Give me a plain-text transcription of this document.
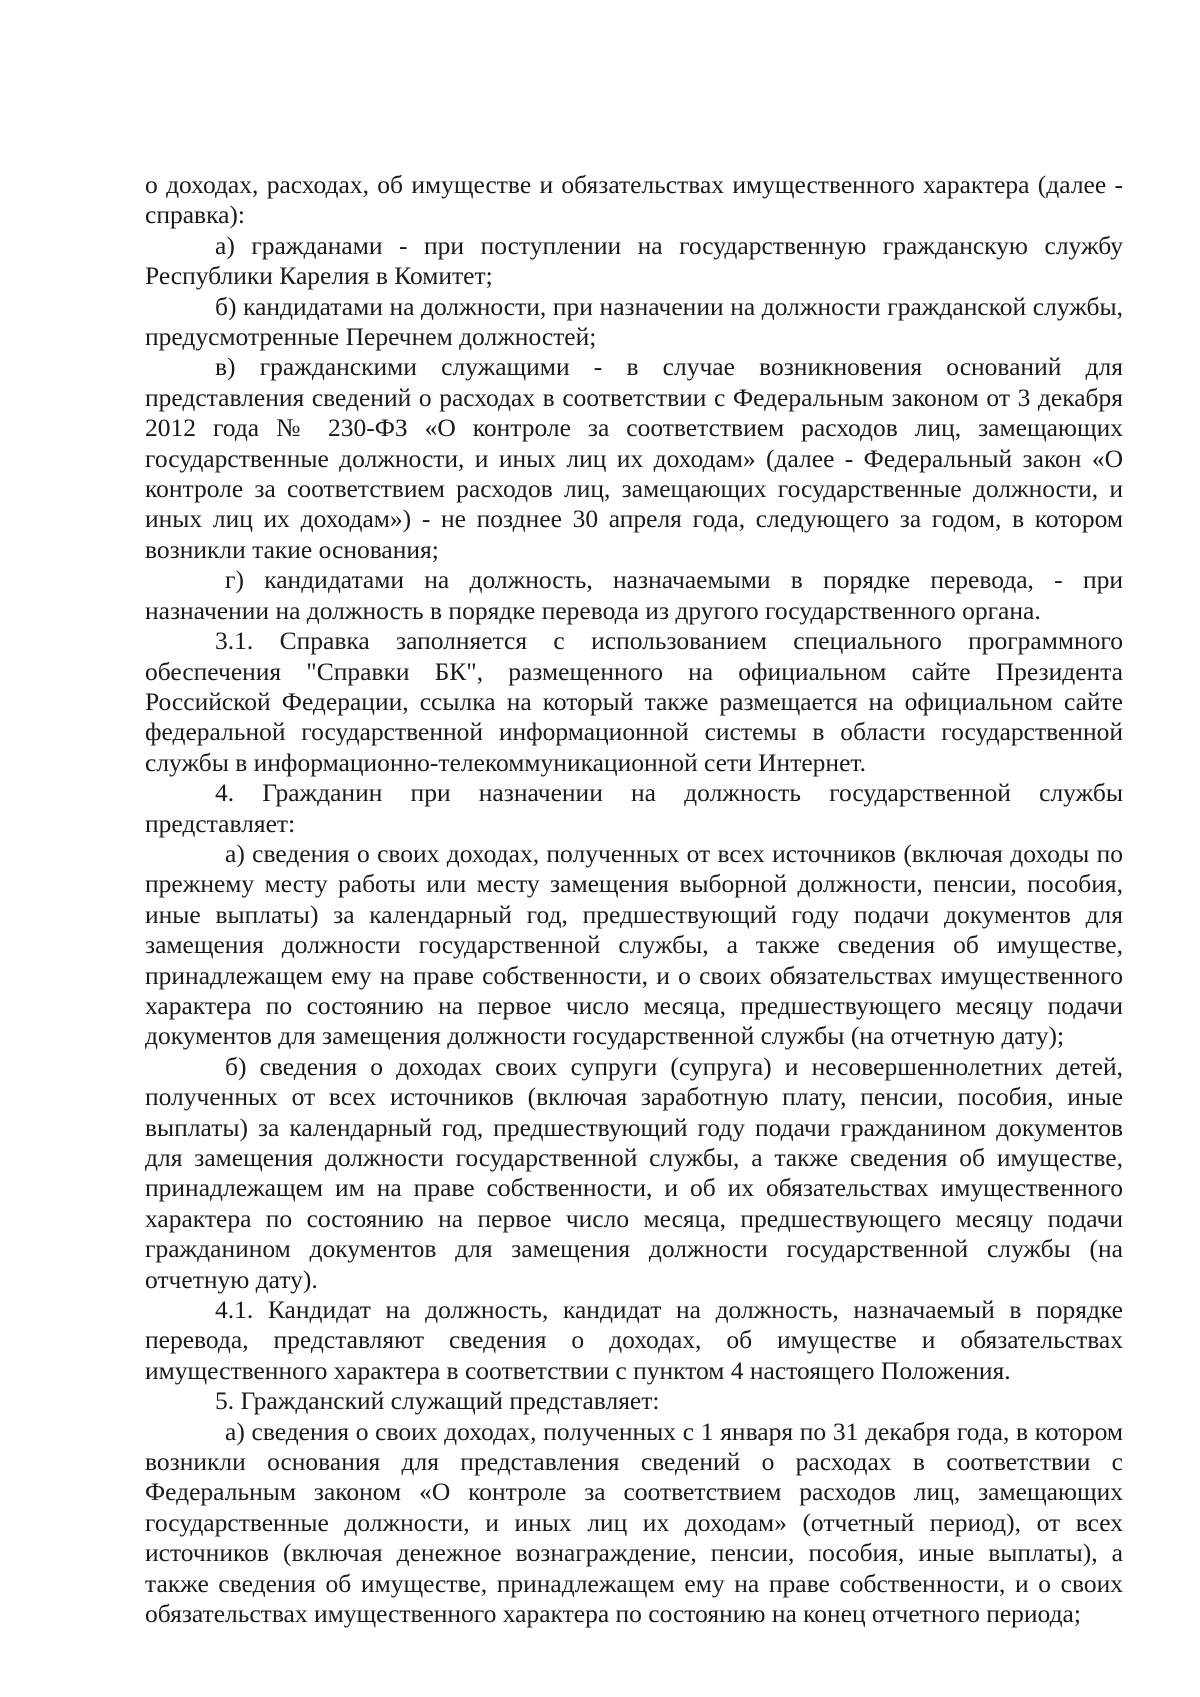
о доходах, расходах, об имуществе и обязательствах имущественного характера (далее - справка):

а) гражданами - при поступлении на государственную гражданскую службу Республики Карелия в Комитет;

б) кандидатами на должности, при назначении на должности гражданской службы, предусмотренные Перечнем должностей;

в) гражданскими служащими - в случае возникновения оснований для представления сведений о расходах в соответствии с Федеральным законом от 3 декабря 2012 года № 230-ФЗ «О контроле за соответствием расходов лиц, замещающих государственные должности, и иных лиц их доходам» (далее - Федеральный закон «О контроле за соответствием расходов лиц, замещающих государственные должности, и иных лиц их доходам») - не позднее 30 апреля года, следующего за годом, в котором возникли такие основания;

г) кандидатами на должность, назначаемыми в порядке перевода, - при назначении на должность в порядке перевода из другого государственного органа.

3.1. Справка заполняется с использованием специального программного обеспечения "Справки БК", размещенного на официальном сайте Президента Российской Федерации, ссылка на который также размещается на официальном сайте федеральной государственной информационной системы в области государственной службы в информационно-телекоммуникационной сети Интернет.

4. Гражданин при назначении на должность государственной службы представляет:

а) сведения о своих доходах, полученных от всех источников (включая доходы по прежнему месту работы или месту замещения выборной должности, пенсии, пособия, иные выплаты) за календарный год, предшествующий году подачи документов для замещения должности государственной службы, а также сведения об имуществе, принадлежащем ему на праве собственности, и о своих обязательствах имущественного характера по состоянию на первое число месяца, предшествующего месяцу подачи документов для замещения должности государственной службы (на отчетную дату);

б) сведения о доходах своих супруги (супруга) и несовершеннолетних детей, полученных от всех источников (включая заработную плату, пенсии, пособия, иные выплаты) за календарный год, предшествующий году подачи гражданином документов для замещения должности государственной службы, а также сведения об имуществе, принадлежащем им на праве собственности, и об их обязательствах имущественного характера по состоянию на первое число месяца, предшествующего месяцу подачи гражданином документов для замещения должности государственной службы (на отчетную дату).

4.1. Кандидат на должность, кандидат на должность, назначаемый в порядке перевода, представляют сведения о доходах, об имуществе и обязательствах имущественного характера в соответствии с пунктом 4 настоящего Положения.

5. Гражданский служащий представляет:

а) сведения о своих доходах, полученных с 1 января по 31 декабря года, в котором возникли основания для представления сведений о расходах в соответствии с Федеральным законом «О контроле за соответствием расходов лиц, замещающих государственные должности, и иных лиц их доходам» (отчетный период), от всех источников (включая денежное вознаграждение, пенсии, пособия, иные выплаты), а также сведения об имуществе, принадлежащем ему на праве собственности, и о своих обязательствах имущественного характера по состоянию на конец отчетного периода;
